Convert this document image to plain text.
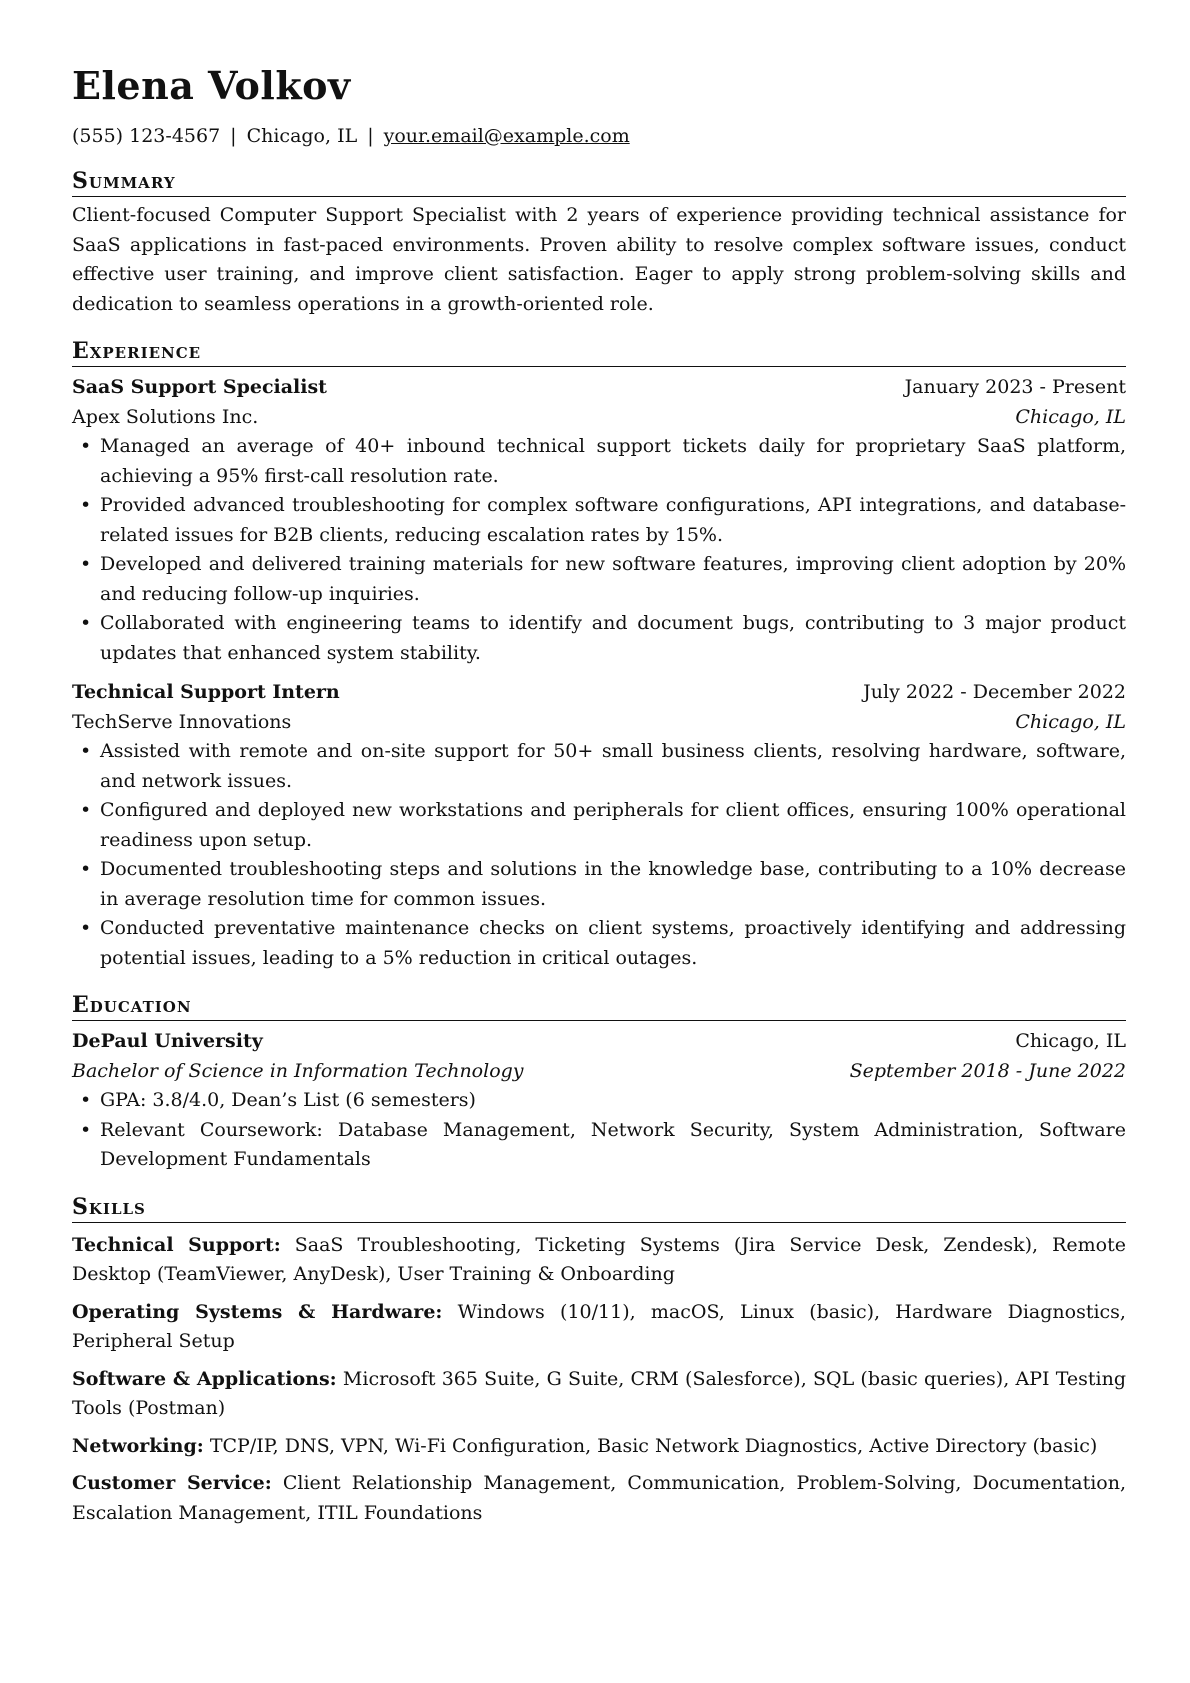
Elena Volkov
(555) 123-4567 | Chicago, IL | your.email@example.com
Summary

Client-focused Computer Support Specialist with 2 years of experience providing technical assistance for SaaS applications in fast-paced environments. Proven ability to resolve complex software issues, conduct effective user training, and improve client satisfaction. Eager to apply strong problem-solving skills and dedication to seamless operations in a growth-oriented role.

Experience
SaaS Support Specialist	January 2023 - Present
Apex Solutions Inc.	Chicago, IL
• Managed an average of 40+ inbound technical support tickets daily for proprietary SaaS platform, achieving a 95% first-call resolution rate.
• Provided advanced troubleshooting for complex software configurations, API integrations, and database-related issues for B2B clients, reducing escalation rates by 15%.
• Developed and delivered training materials for new software features, improving client adoption by 20% and reducing follow-up inquiries.
• Collaborated with engineering teams to identify and document bugs, contributing to 3 major product updates that enhanced system stability.
Technical Support Intern	July 2022 - December 2022
TechServe Innovations	Chicago, IL
• Assisted with remote and on-site support for 50+ small business clients, resolving hardware, software, and network issues.
• Configured and deployed new workstations and peripherals for client offices, ensuring 100% operational readiness upon setup.
• Documented troubleshooting steps and solutions in the knowledge base, contributing to a 10% decrease in average resolution time for common issues.
• Conducted preventative maintenance checks on client systems, proactively identifying and addressing potential issues, leading to a 5% reduction in critical outages.
Education
DePaul University	Chicago, IL
Bachelor of Science in Information Technology	September 2018 - June 2022
• GPA: 3.8/4.0, Dean’s List (6 semesters)
• Relevant Coursework: Database Management, Network Security, System Administration, Software Development Fundamentals
Skills
Technical Support: SaaS Troubleshooting, Ticketing Systems (Jira Service Desk, Zendesk), Remote Desktop (TeamViewer, AnyDesk), User Training & Onboarding
Operating Systems & Hardware: Windows (10/11), macOS, Linux (basic), Hardware Diagnostics, Peripheral Setup
Software & Applications: Microsoft 365 Suite, G Suite, CRM (Salesforce), SQL (basic queries), API Testing Tools (Postman)
Networking: TCP/IP, DNS, VPN, Wi-Fi Configuration, Basic Network Diagnostics, Active Directory (basic)
Customer Service: Client Relationship Management, Communication, Problem-Solving, Documentation, Escalation Management, ITIL Foundations
